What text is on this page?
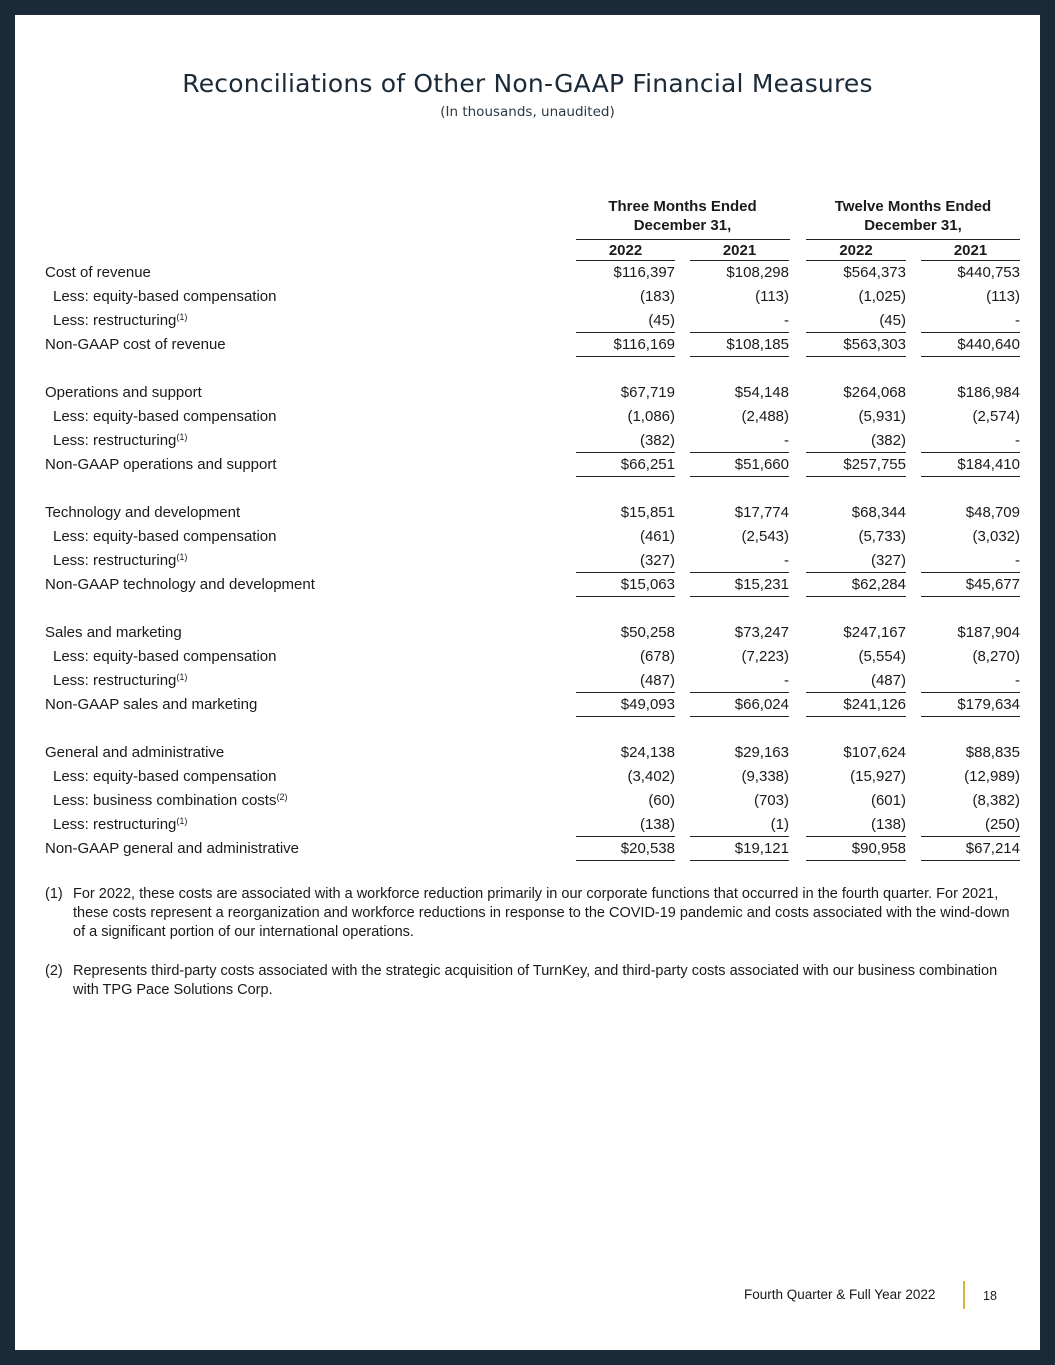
Reconciliations of Other Non-GAAP Financial Measures
(In thousands, unaudited)
Three Months Ended
December 31,
Twelve Months Ended
December 31,
2022	2021	2022	2021
Cost of revenue	$116,397	$108,298	$564,373	$440,753
Less: equity-based compensation	(183)	(113)	(1,025)	(113)
Less: restructuring$^{(1)}$	(45)	-	(45)	-
Non-GAAP cost of revenue	$116,169	$108,185	$563,303	$440,640
Operations and support	$67,719	$54,148	$264,068	$186,984
Less: equity-based compensation	(1,086)	(2,488)	(5,931)	(2,574)
Less: restructuring$^{(1)}$	(382)	-	(382)	-
Non-GAAP operations and support	$66,251	$51,660	$257,755	$184,410
Technology and development	$15,851	$17,774	$68,344	$48,709
Less: equity-based compensation	(461)	(2,543)	(5,733)	(3,032)
Less: restructuring$^{(1)}$	(327)	-	(327)	-
Non-GAAP technology and development	$15,063	$15,231	$62,284	$45,677
Sales and marketing	$50,258	$73,247	$247,167	$187,904
Less: equity-based compensation	(678)	(7,223)	(5,554)	(8,270)
Less: restructuring$^{(1)}$	(487)	-	(487)	-
Non-GAAP sales and marketing	$49,093	$66,024	$241,126	$179,634
General and administrative	$24,138	$29,163	$107,624	$88,835
Less: equity-based compensation	(3,402)	(9,338)	(15,927)	(12,989)
Less: business combination costs$^{(2)}$	(60)	(703)	(601)	(8,382)
Less: restructuring$^{(1)}$	(138)	(1)	(138)	(250)
Non-GAAP general and administrative	$20,538	$19,121	$90,958	$67,214
(1) For 2022, these costs are associated with a workforce reduction primarily in our corporate functions that occurred in the fourth quarter. For 2021, these costs represent a reorganization and workforce reductions in response to the COVID-19 pandemic and costs associated with the wind-down of a significant portion of our international operations.
(2) Represents third-party costs associated with the strategic acquisition of TurnKey, and third-party costs associated with our business combination with TPG Pace Solutions Corp.
Fourth Quarter & Full Year 2022	18
